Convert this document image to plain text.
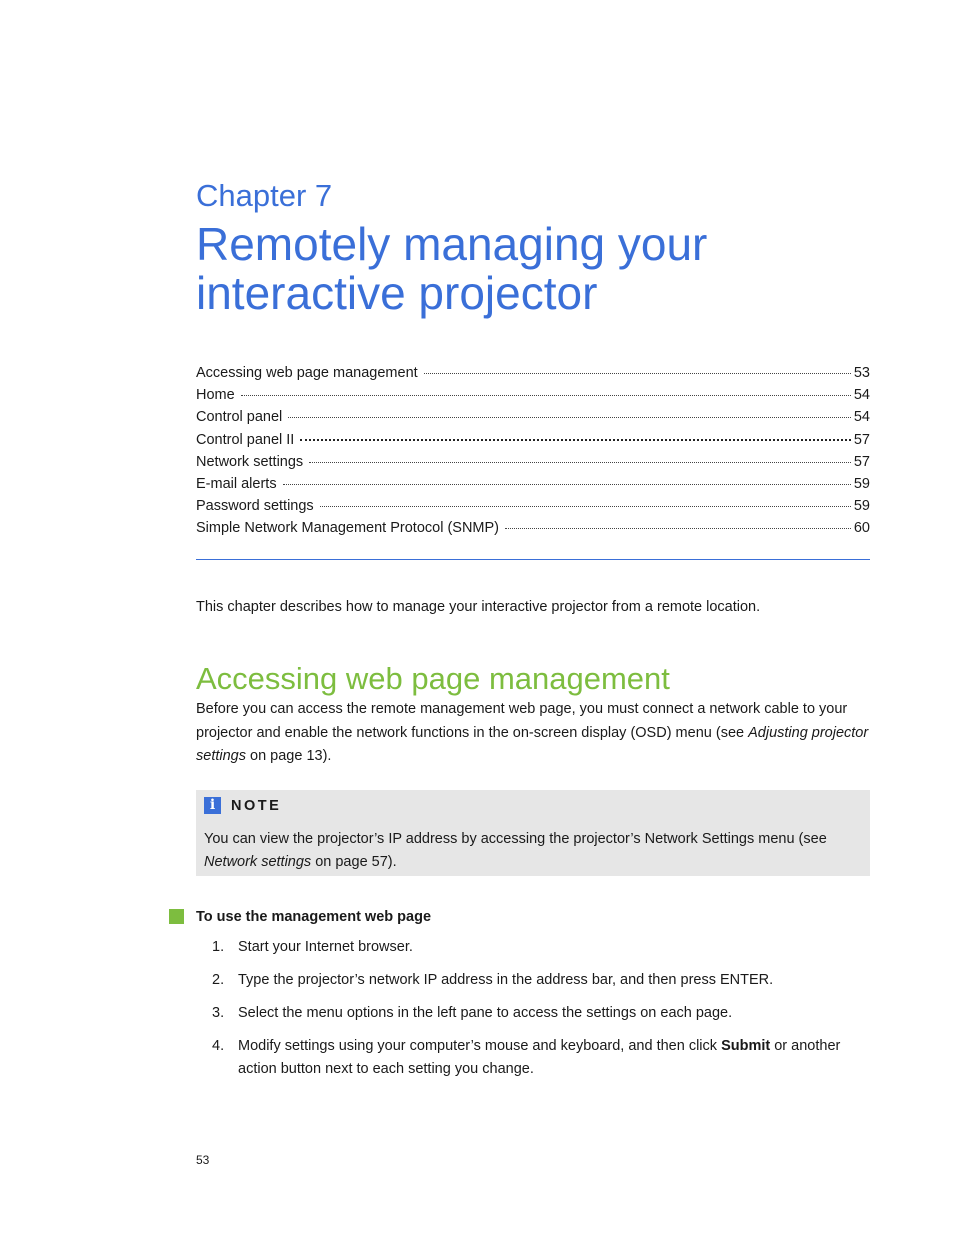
Chapter 7
Remotely managing your
interactive projector
Accessing web page management	53
Home	54
Control panel	54
Control panel II	57
Network settings	57
E-mail alerts	59
Password settings	59
Simple Network Management Protocol (SNMP)	60

This chapter describes how to manage your interactive projector from a remote location.

Accessing web page management

Before you can access the remote management web page, you must connect a network cable to your projector and enable the network functions in the on-screen display (OSD) menu (see Adjusting projector settings on page 13).

i	NOTE

You can view the projector’s IP address by accessing the projector’s Network Settings menu (see Network settings on page 57).

To use the management web page

1. Start your Internet browser.
2. Type the projector’s network IP address in the address bar, and then press ENTER.
3. Select the menu options in the left pane to access the settings on each page.
4. Modify settings using your computer’s mouse and keyboard, and then click Submit or another action button next to each setting you change.

53
